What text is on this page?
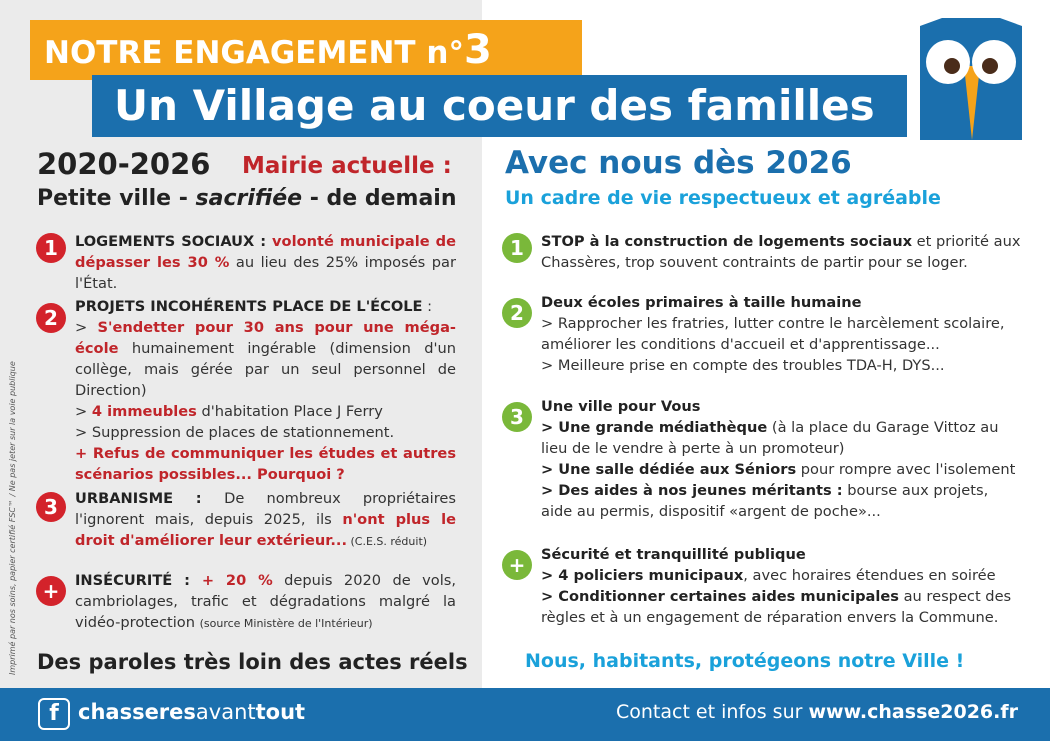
NOTRE ENGAGEMENT n°3
Un Village au coeur des familles
Imprimé par nos soins, papier certifié FSC™ / Ne pas jeter sur la voie publique
2020-2026 Mairie actuelle :
Petite ville - sacrifiée - de demain
1	LOGEMENTS SOCIAUX : volonté municipale de dépasser les 30 % au lieu des 25% imposés par l'État.
2	PROJETS INCOHÉRENTS PLACE DE L'ÉCOLE :
> S'endetter pour 30 ans pour une méga-école humainement ingérable (dimension d'un collège, mais gérée par un seul personnel de Direction)
> 4 immeubles d'habitation Place J Ferry
> Suppression de places de stationnement.
+ Refus de communiquer les études et autres scénarios possibles... Pourquoi ?
3	URBANISME : De nombreux propriétaires l'ignorent mais, depuis 2025, ils n'ont plus le droit d'améliorer leur extérieur... (C.E.S. réduit)
+	INSÉCURITÉ : + 20 % depuis 2020 de vols, cambriolages, trafic et dégradations malgré la vidéo-protection (source Ministère de l'Intérieur)
Des paroles très loin des actes réels
Avec nous dès 2026
Un cadre de vie respectueux et agréable
1	STOP à la construction de logements sociaux et priorité aux Chassères, trop souvent contraints de partir pour se loger.
2	Deux écoles primaires à taille humaine
> Rapprocher les fratries, lutter contre le harcèlement scolaire, améliorer les conditions d'accueil et d'apprentissage...
> Meilleure prise en compte des troubles TDA-H, DYS...
3	Une ville pour Vous
> Une grande médiathèque (à la place du Garage Vittoz au lieu de le vendre à perte à un promoteur)
> Une salle dédiée aux Séniors pour rompre avec l'isolement
> Des aides à nos jeunes méritants : bourse aux projets, aide au permis, dispositif «argent de poche»...
+	Sécurité et tranquillité publique
> 4 policiers municipaux, avec horaires étendues en soirée
> Conditionner certaines aides municipales au respect des règles et à un engagement de réparation envers la Commune.
Nous, habitants, protégeons notre Ville !
f chasseresavanttout	Contact et infos sur www.chasse2026.fr
